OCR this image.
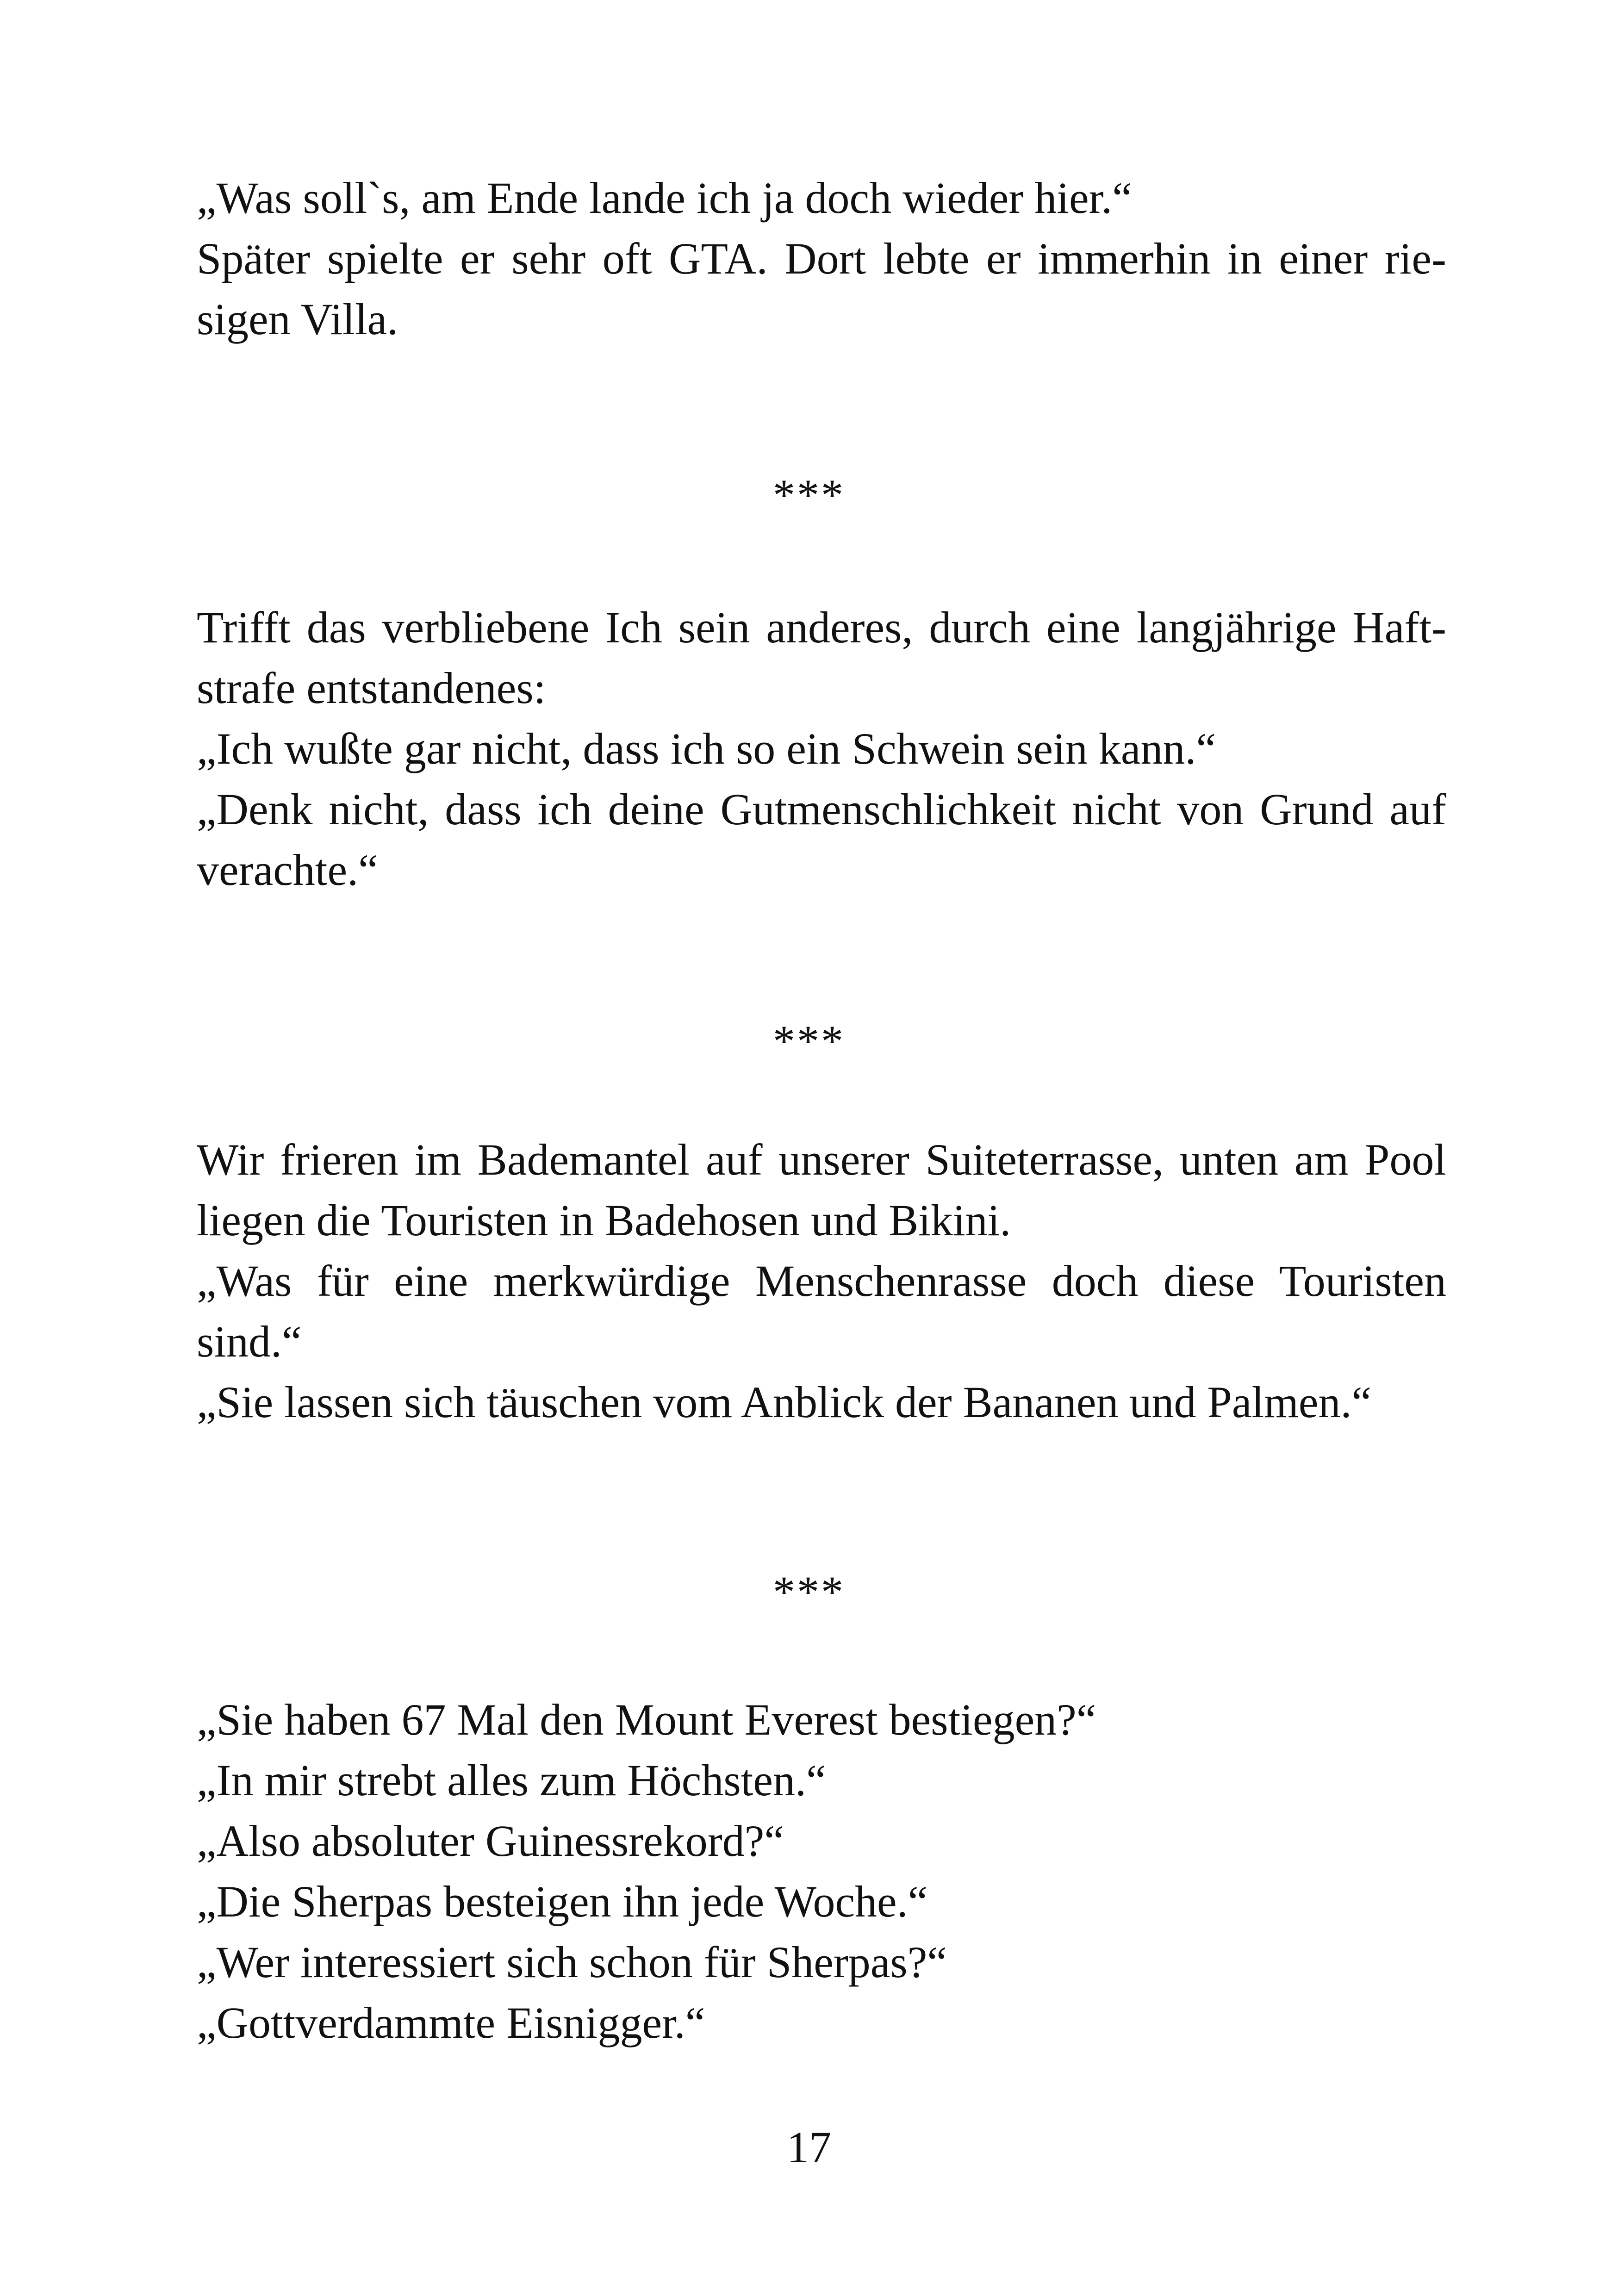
„Was soll`s, am Ende lande ich ja doch wieder hier.“
Später spielte er sehr oft GTA. Dort lebte er immerhin in einer rie-
sigen Villa.
***
Trifft das verbliebene Ich sein anderes, durch eine langjährige Haft-
strafe entstandenes:
„Ich wußte gar nicht, dass ich so ein Schwein sein kann.“
„Denk nicht, dass ich deine Gutmenschlichkeit nicht von Grund auf
verachte.“
***
Wir frieren im Bademantel auf unserer Suiteterrasse, unten am Pool
liegen die Touristen in Badehosen und Bikini.
„Was für eine merkwürdige Menschenrasse doch diese Touristen
sind.“
„Sie lassen sich täuschen vom Anblick der Bananen und Palmen.“
***
„Sie haben 67 Mal den Mount Everest bestiegen?“
„In mir strebt alles zum Höchsten.“
„Also absoluter Guinessrekord?“
„Die Sherpas besteigen ihn jede Woche.“
„Wer interessiert sich schon für Sherpas?“
„Gottverdammte Eisnigger.“
17
